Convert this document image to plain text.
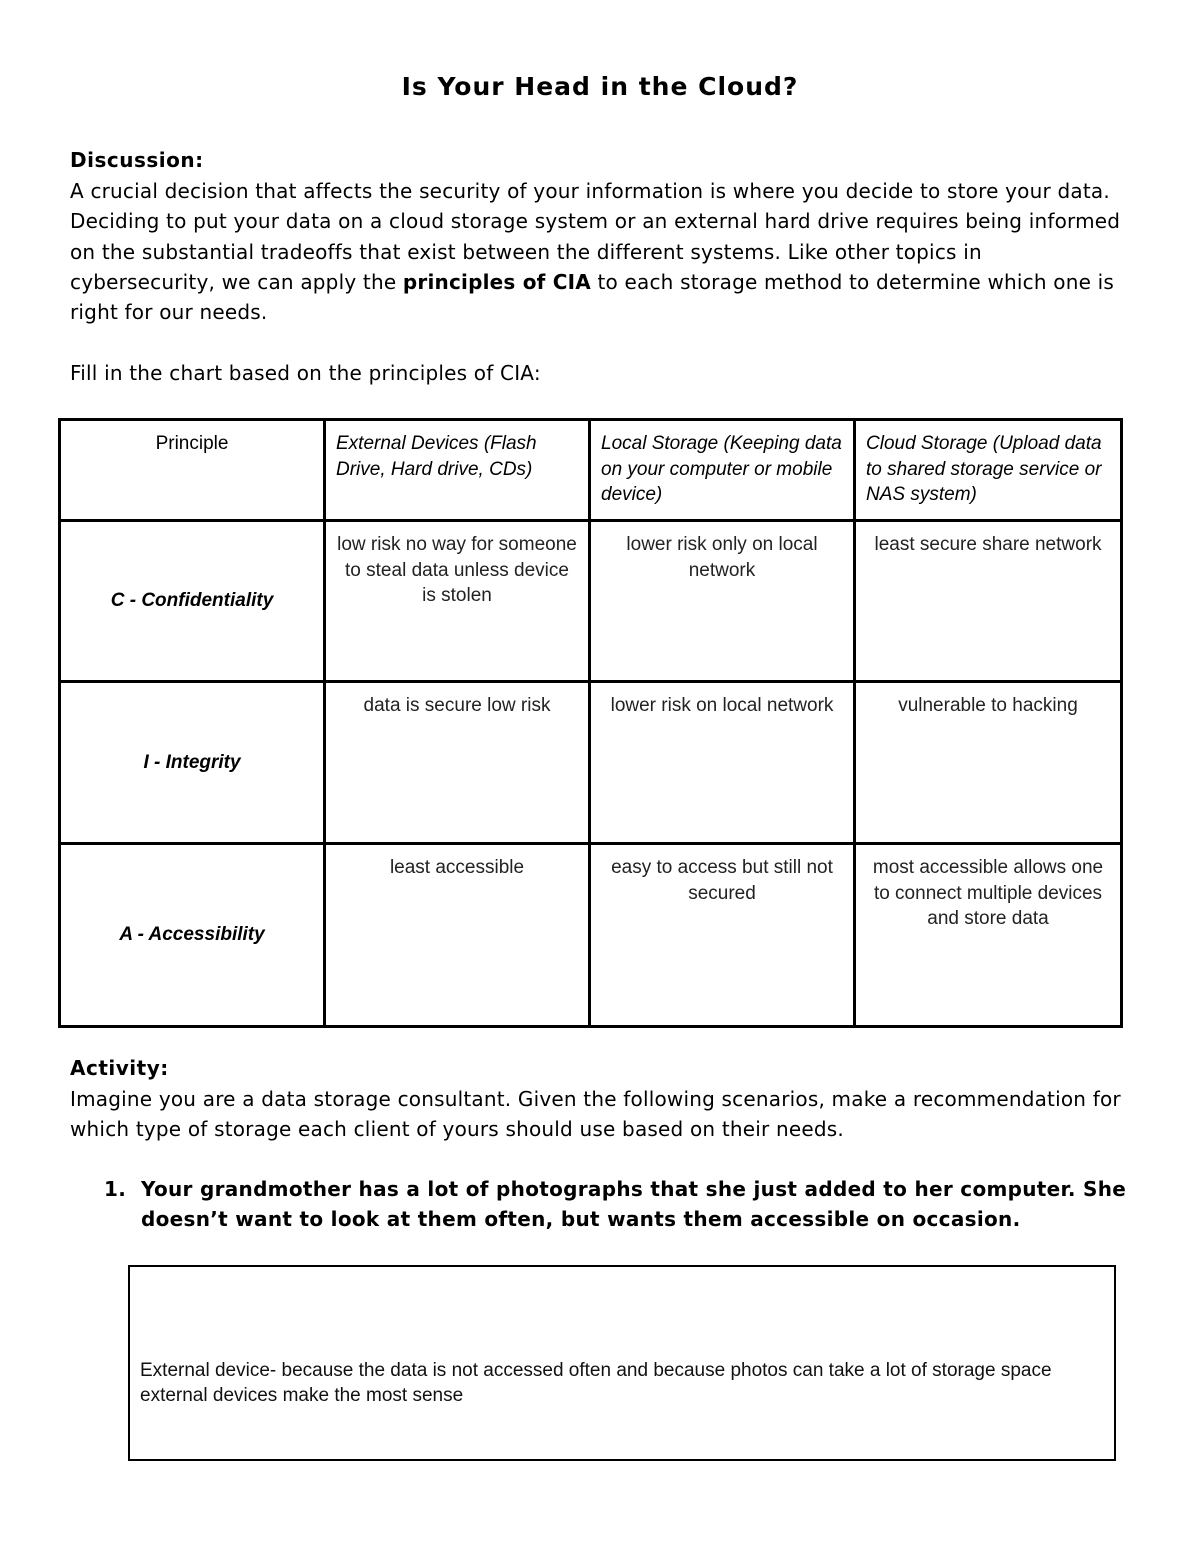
Is Your Head in the Cloud?
Discussion:
A crucial decision that affects the security of your information is where you decide to store your data. Deciding to put your data on a cloud storage system or an external hard drive requires being informed on the substantial tradeoffs that exist between the different systems. Like other topics in cybersecurity, we can apply the principles of CIA to each storage method to determine which one is right for our needs.
Fill in the chart based on the principles of CIA:
Principle	External Devices (Flash Drive, Hard drive, CDs)	Local Storage (Keeping data on your computer or mobile device)	Cloud Storage (Upload data to shared storage service or NAS system)
C - Confidentiality	low risk no way for someone to steal data unless device is stolen	lower risk only on local network	least secure share network
I - Integrity	data is secure low risk	lower risk on local network	vulnerable to hacking
A - Accessibility	least accessible	easy to access but still not secured	most accessible allows one to connect multiple devices and store data
Activity:
Imagine you are a data storage consultant. Given the following scenarios, make a recommendation for which type of storage each client of yours should use based on their needs.
1. Your grandmother has a lot of photographs that she just added to her computer. She doesn’t want to look at them often, but wants them accessible on occasion.
External device- because the data is not accessed often and because photos can take a lot of storage space external devices make the most sense
